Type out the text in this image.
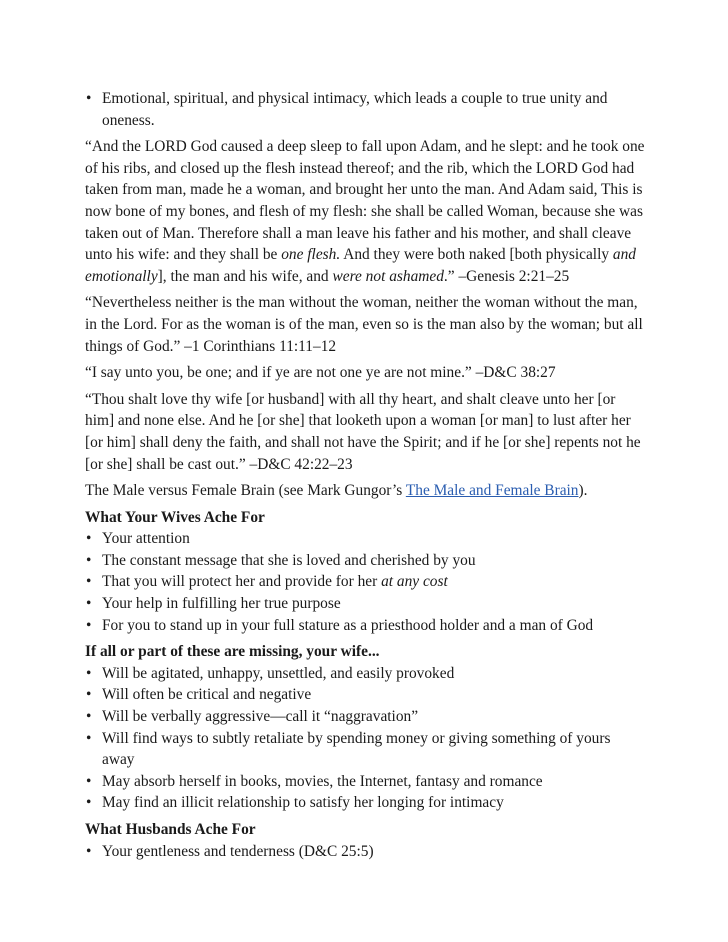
• Emotional, spiritual, and physical intimacy, which leads a couple to true unity and oneness.
“And the LORD God caused a deep sleep to fall upon Adam, and he slept: and he took one of his ribs, and closed up the flesh instead thereof; and the rib, which the LORD God had taken from man, made he a woman, and brought her unto the man. And Adam said, This is now bone of my bones, and flesh of my flesh: she shall be called Woman, because she was taken out of Man. Therefore shall a man leave his father and his mother, and shall cleave unto his wife: and they shall be one flesh. And they were both naked [both physically and emotionally], the man and his wife, and were not ashamed.” –Genesis 2:21–25
“Nevertheless neither is the man without the woman, neither the woman without the man, in the Lord. For as the woman is of the man, even so is the man also by the woman; but all things of God.” –1 Corinthians 11:11–12
“I say unto you, be one; and if ye are not one ye are not mine.” –D&C 38:27
“Thou shalt love thy wife [or husband] with all thy heart, and shalt cleave unto her [or him] and none else. And he [or she] that looketh upon a woman [or man] to lust after her [or him] shall deny the faith, and shall not have the Spirit; and if he [or she] repents not he [or she] shall be cast out.” –D&C 42:22–23
The Male versus Female Brain (see Mark Gungor’s The Male and Female Brain).
What Your Wives Ache For
• Your attention
• The constant message that she is loved and cherished by you
• That you will protect her and provide for her at any cost
• Your help in fulfilling her true purpose
• For you to stand up in your full stature as a priesthood holder and a man of God
If all or part of these are missing, your wife...
• Will be agitated, unhappy, unsettled, and easily provoked
• Will often be critical and negative
• Will be verbally aggressive—call it “naggravation”
• Will find ways to subtly retaliate by spending money or giving something of yours away
• May absorb herself in books, movies, the Internet, fantasy and romance
• May find an illicit relationship to satisfy her longing for intimacy
What Husbands Ache For
• Your gentleness and tenderness (D&C 25:5)
